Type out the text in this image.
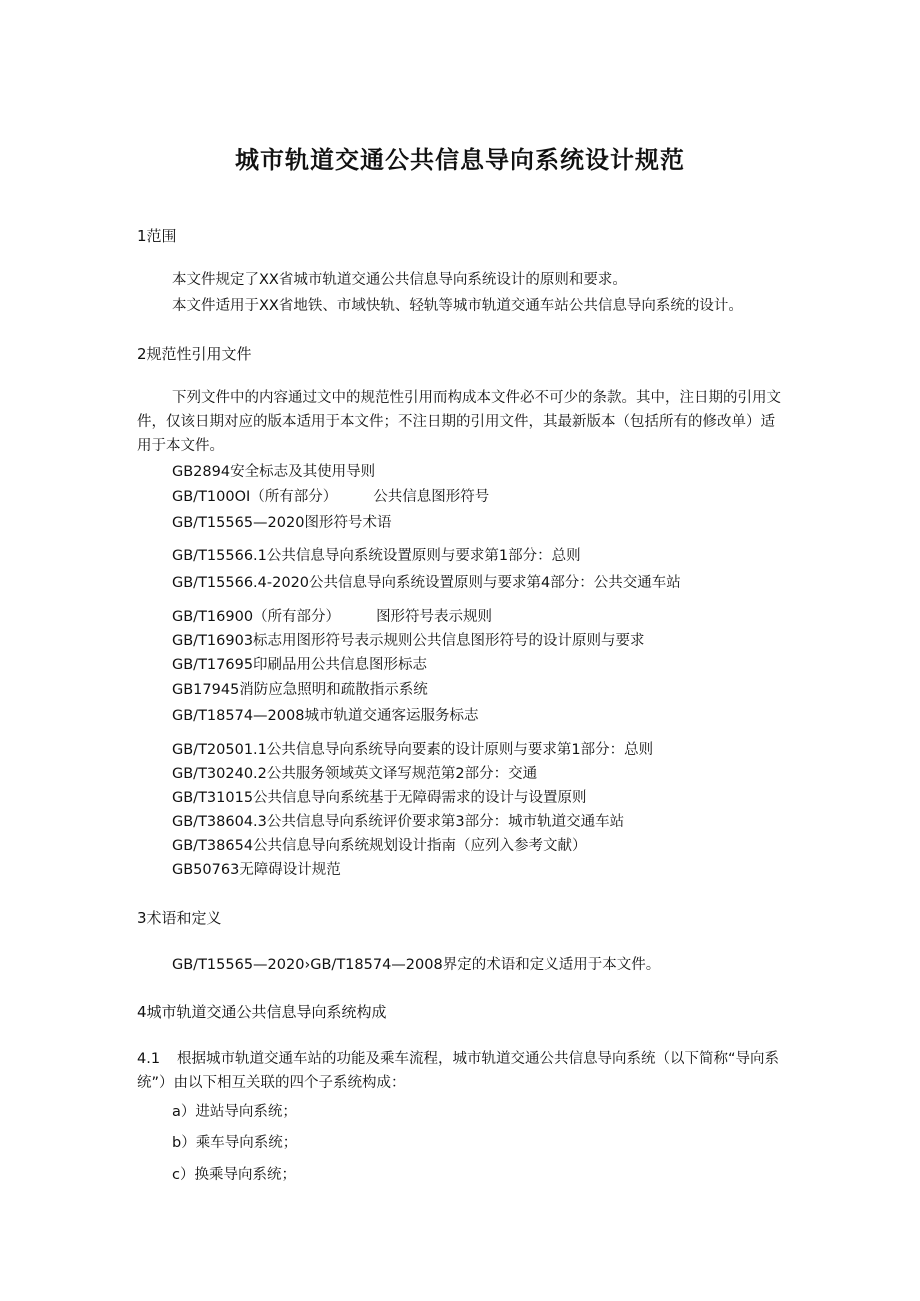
城市轨道交通公共信息导向系统设计规范
1范围
本文件规定了XX省城市轨道交通公共信息导向系统设计的原则和要求。
本文件适用于XX省地铁、市域快轨、轻轨等城市轨道交通车站公共信息导向系统的设计。
2规范性引用文件
下列文件中的内容通过文中的规范性引用而构成本文件必不可少的条款。其中，注日期的引用文件，仅该日期对应的版本适用于本文件；不注日期的引用文件，其最新版本（包括所有的修改单）适用于本文件。
GB2894安全标志及其使用导则
GB/T100OI（所有部分） 公共信息图形符号
GB/T15565—2020图形符号术语
GB/T15566.1公共信息导向系统设置原则与要求第1部分：总则
GB/T15566.4-2020公共信息导向系统设置原则与要求第4部分：公共交通车站
GB/T16900（所有部分） 图形符号表示规则
GB/T16903标志用图形符号表示规则公共信息图形符号的设计原则与要求
GB/T17695印刷品用公共信息图形标志
GB17945消防应急照明和疏散指示系统
GB/T18574—2008城市轨道交通客运服务标志
GB/T20501.1公共信息导向系统导向要素的设计原则与要求第1部分：总则
GB/T30240.2公共服务领域英文译写规范第2部分：交通
GB/T31015公共信息导向系统基于无障碍需求的设计与设置原则
GB/T38604.3公共信息导向系统评价要求第3部分：城市轨道交通车站
GB/T38654公共信息导向系统规划设计指南（应列入参考文献）
GB50763无障碍设计规范
3术语和定义
GB/T15565—2020›GB/T18574—2008界定的术语和定义适用于本文件。
4城市轨道交通公共信息导向系统构成
4.1 根据城市轨道交通车站的功能及乘车流程，城市轨道交通公共信息导向系统（以下简称“导向系统”）由以下相互关联的四个子系统构成：
a）进站导向系统；
b）乘车导向系统；
c）换乘导向系统；
